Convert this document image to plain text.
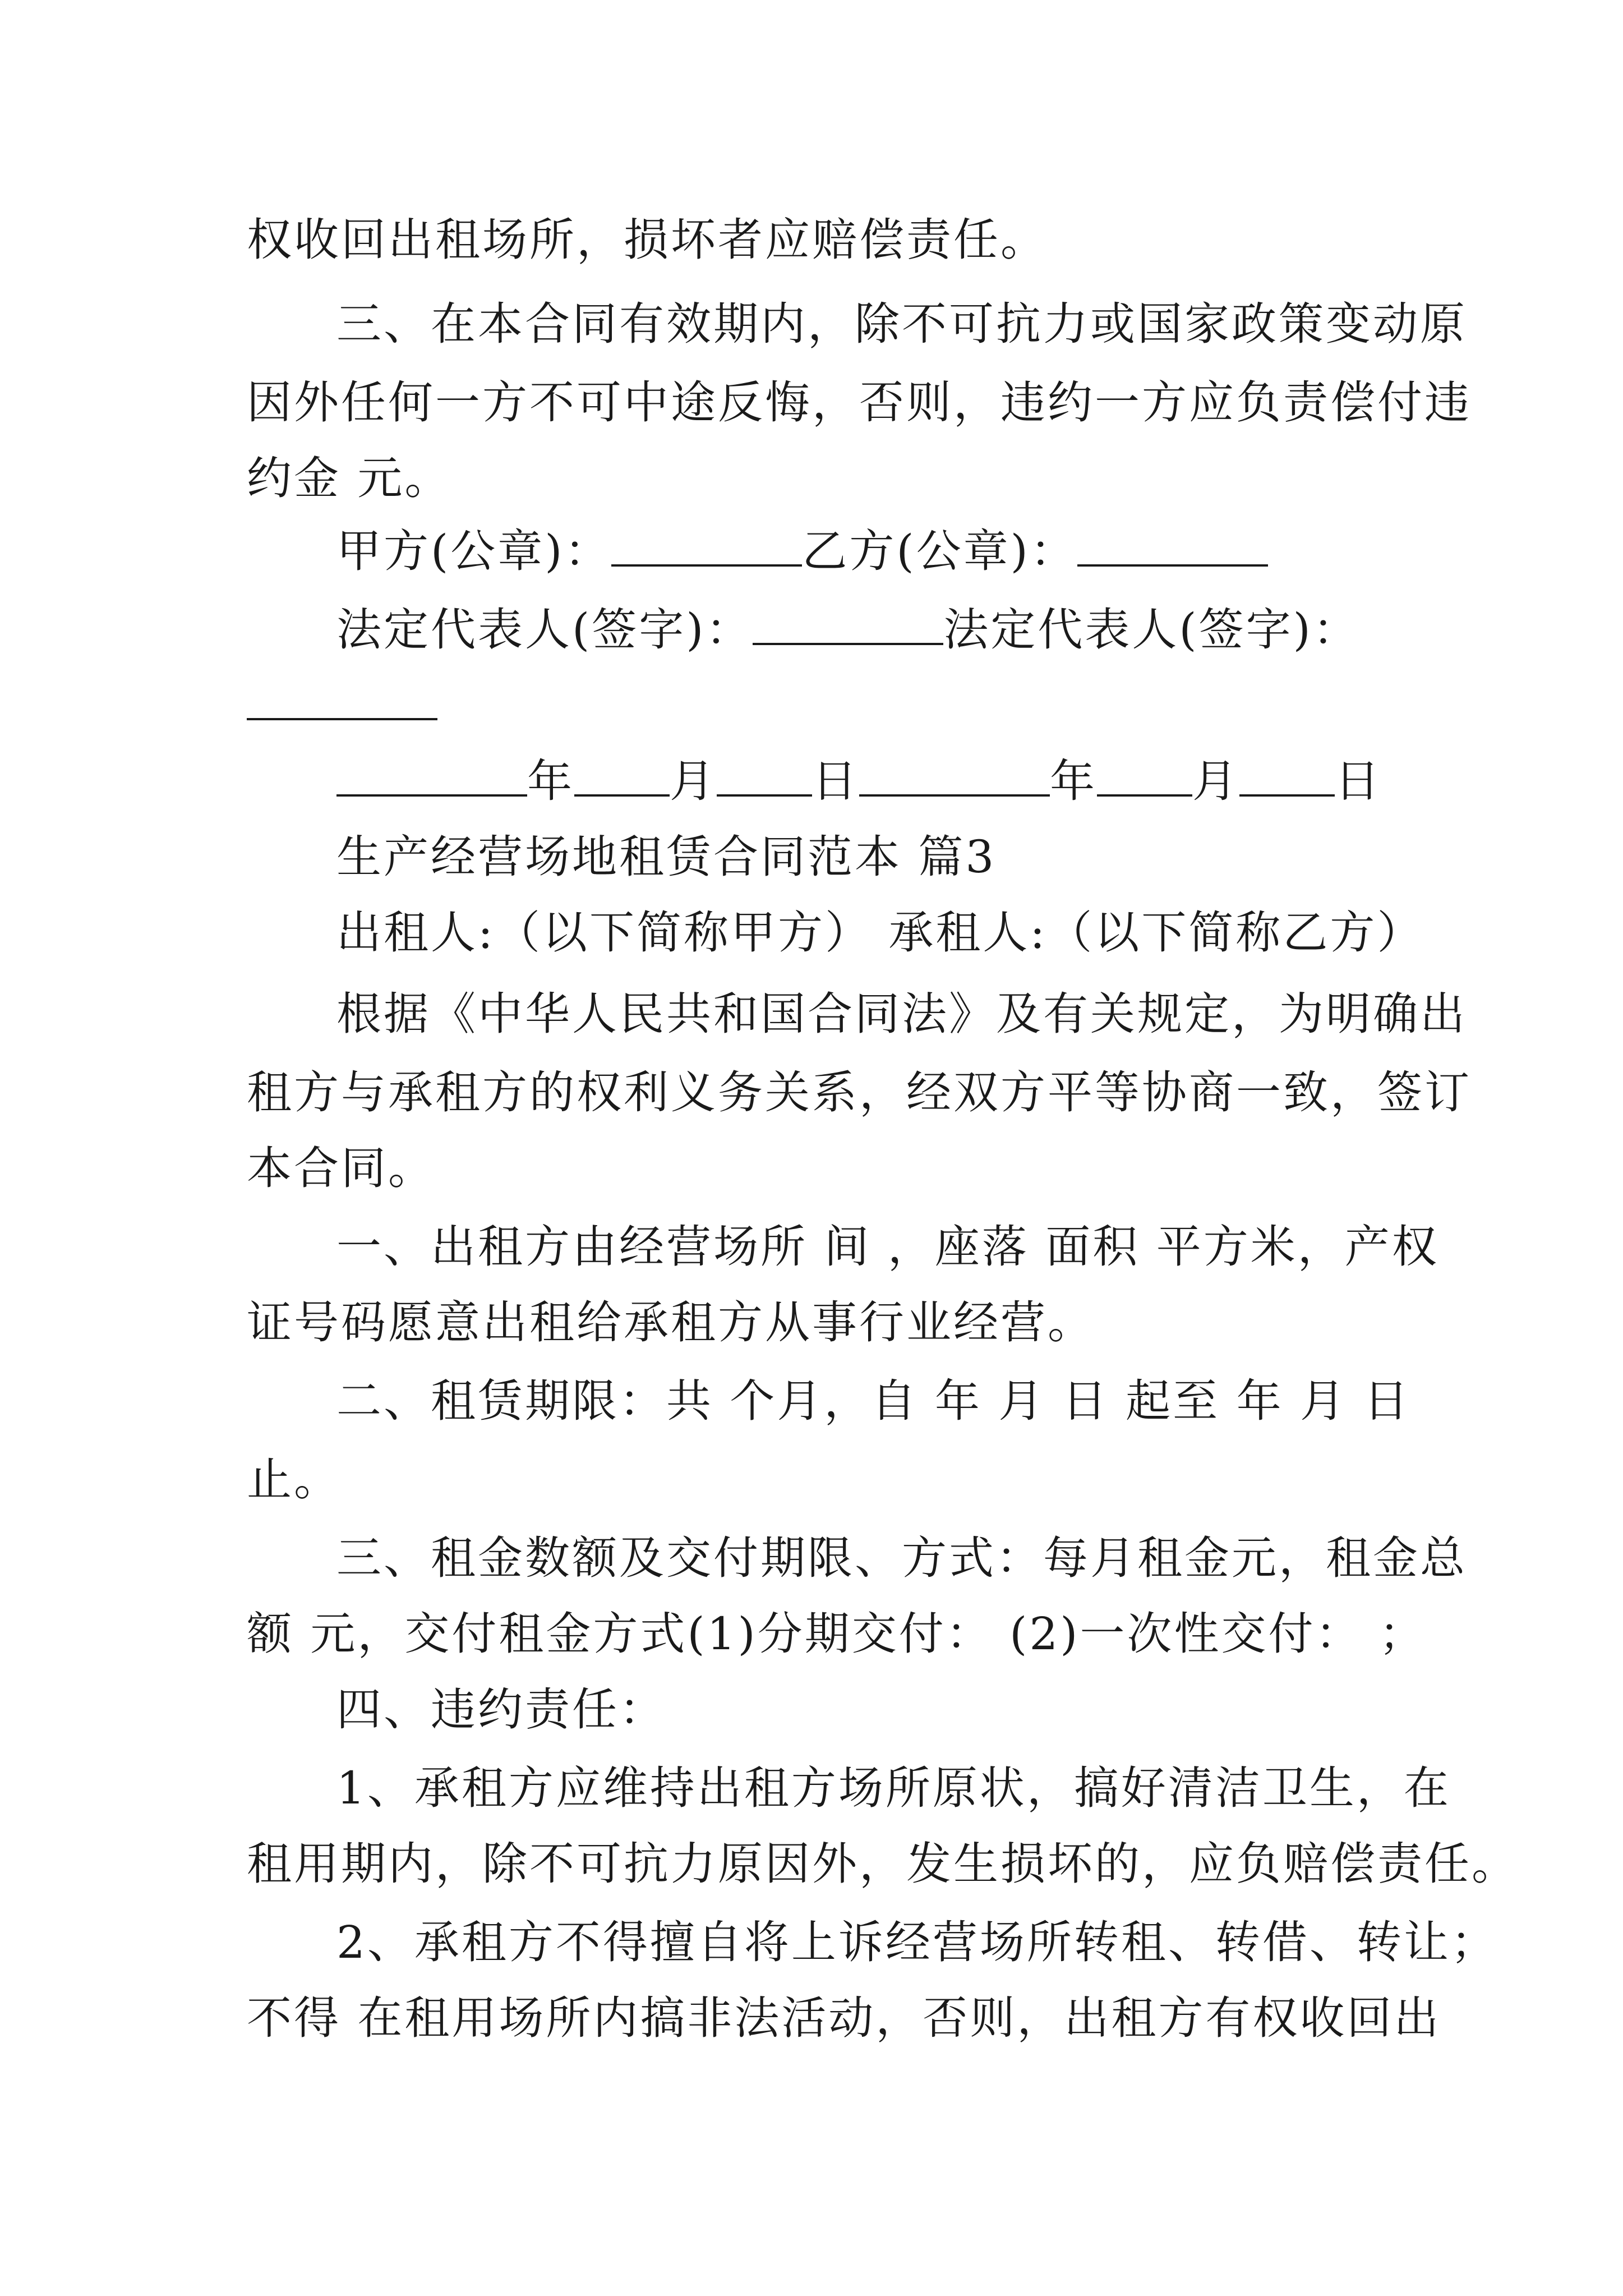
权收回出租场所，损坏者应赔偿责任。
三、在本合同有效期内，除不可抗力或国家政策变动原
因外任何一方不可中途反悔，否则，违约一方应负责偿付违
约金 元。
甲方(公章)：	乙方(公章)：
法定代表人(签字)：	法定代表人(签字)：
年 月 日	年 月 日
生产经营场地租赁合同范本 篇3
出租人:（以下简称甲方） 承租人:（以下简称乙方）
根据《中华人民共和国合同法》及有关规定，为明确出
租方与承租方的权利义务关系，经双方平等协商一致，签订
本合同。
一、出租方由经营场所 间 ，座落 面积 平方米，产权
证号码愿意出租给承租方从事行业经营。
二、租赁期限：共 个月，自 年 月 日 起至 年 月 日
止。
三、租金数额及交付期限、方式：每月租金元，租金总
额 元，交付租金方式(1)分期交付： (2)一次性交付： ；
四、违约责任：
1、承租方应维持出租方场所原状，搞好清洁卫生，在
租用期内，除不可抗力原因外，发生损坏的，应负赔偿责任。
2、承租方不得擅自将上诉经营场所转租、转借、转让；
不得 在租用场所内搞非法活动，否则，出租方有权收回出
